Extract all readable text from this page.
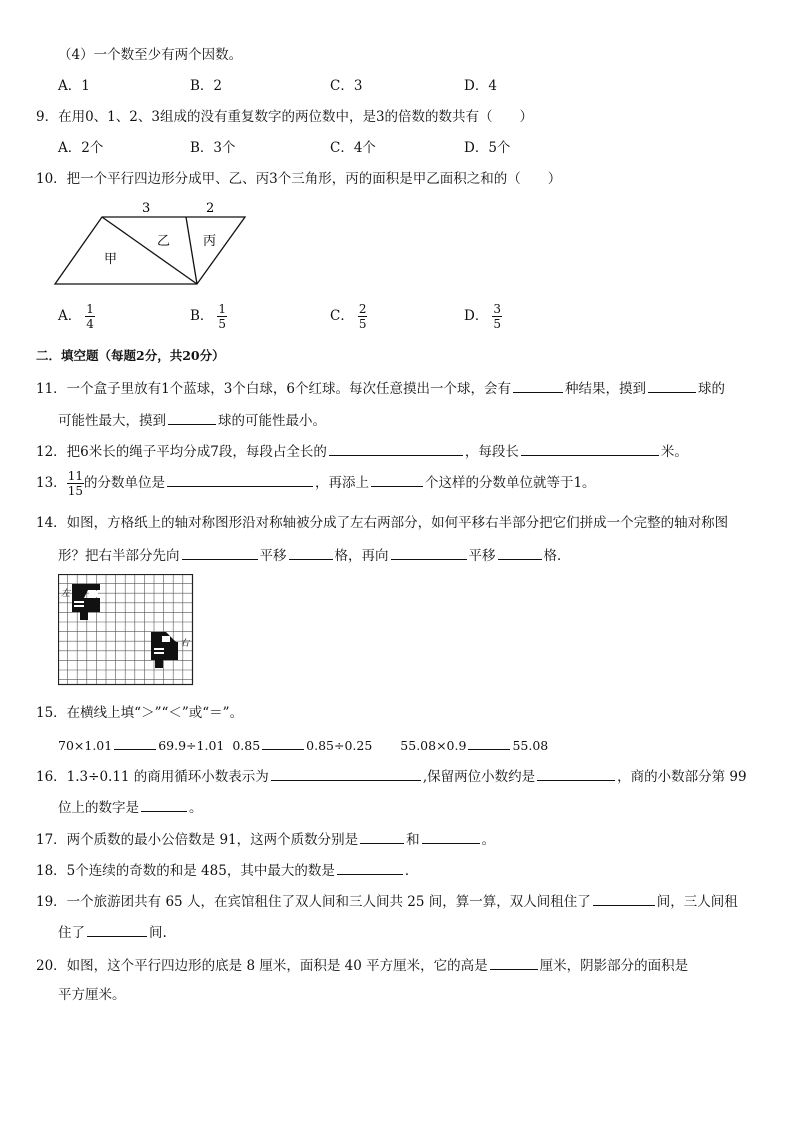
（4）一个数至少有两个因数。
A．1	B．2	C．3	D．4
9．在用0、1、2、3组成的没有重复数字的两位数中，是3的倍数的数共有（　　）
A．2个	B．3个	C．4个	D．5个
10．把一个平行四边形分成甲、乙、丙3个三角形，丙的面积是甲乙面积之和的（　　）
3	2
甲
乙	丙
A． $\frac{1}{4}$	B． $\frac{1}{5}$	C． $\frac{2}{5}$	D． $\frac{3}{5}$
二．填空题（每题2分，共20分）
11．一个盒子里放有1个蓝球，3个白球，6个红球。每次任意摸出一个球，会有	种结果，摸到	球的
可能性最大，摸到	球的可能性最小。
12．把6米长的绳子平均分成7段，每段占全长的	，每段长	米。
13． $\frac{11}{15}$ 的分数单位是	，再添上	个这样的分数单位就等于1。
14．如图，方格纸上的轴对称图形沿对称轴被分成了左右两部分，如何平移右半部分把它们拼成一个完整的轴对称图
形？把右半部分先向	平移	格，再向	平移	格．
左
右
15．在横线上填“＞”“＜”或“＝”。
70×1.01	69.9÷1.01 0.85	0.85÷0.25 55.08×0.9	55.08
16．1.3÷0.11 的商用循环小数表示为	,保留两位小数约是	，商的小数部分第 99
位上的数字是	。
17．两个质数的最小公倍数是 91，这两个质数分别是	和	。
18．5个连续的奇数的和是 485，其中最大的数是	．
19．一个旅游团共有 65 人，在宾馆租住了双人间和三人间共 25 间，算一算，双人间租住了	间，三人间租
住了	间.
20．如图，这个平行四边形的底是 8 厘米，面积是 40 平方厘米，它的高是	厘米，阴影部分的面积是
平方厘米。
